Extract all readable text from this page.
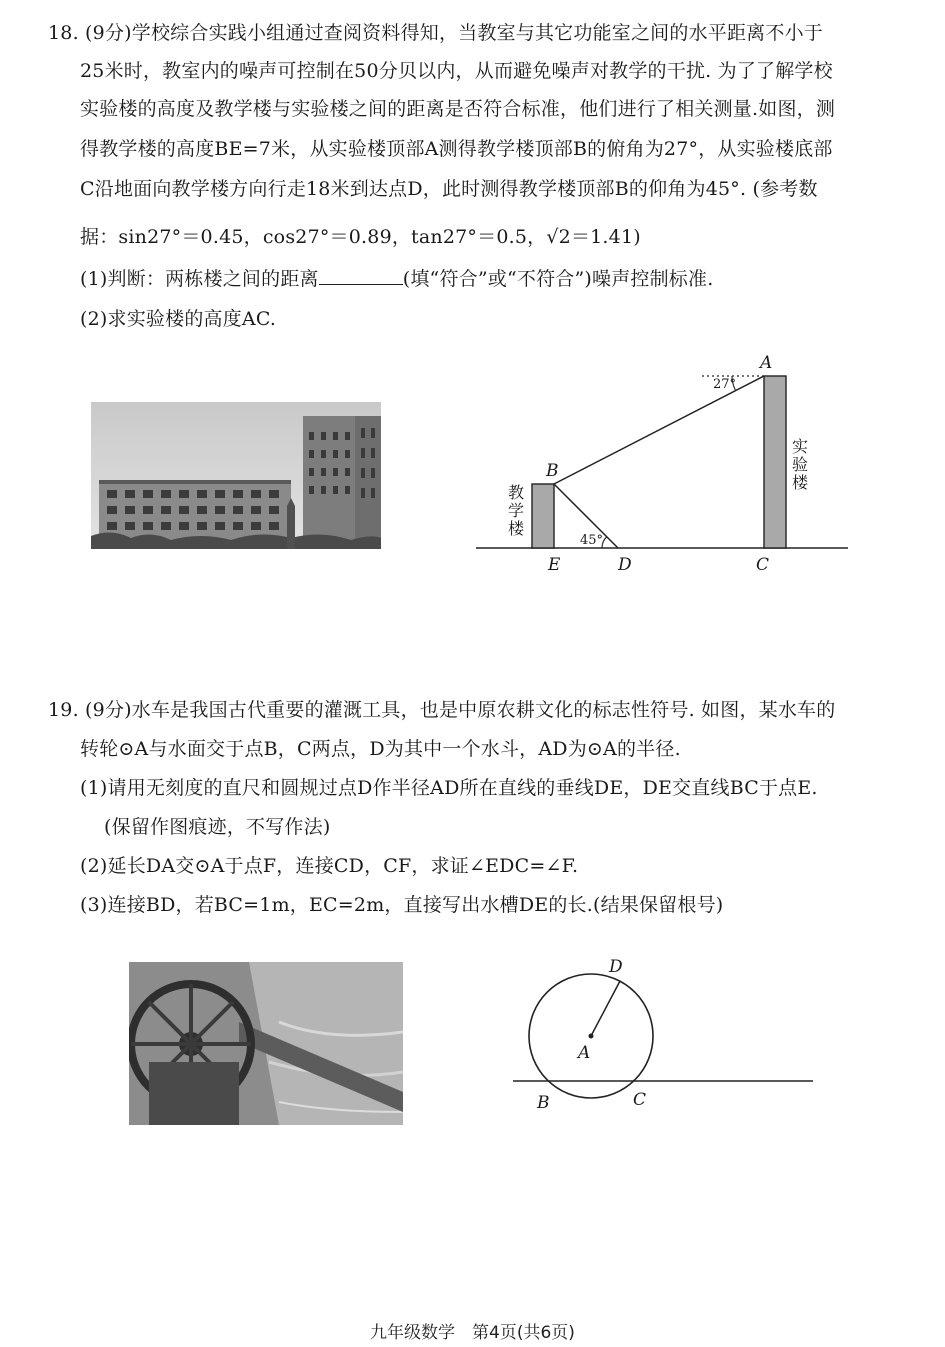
18. (9分)学校综合实践小组通过查阅资料得知，当教室与其它功能室之间的水平距离不小于
25米时，教室内的噪声可控制在50分贝以内，从而避免噪声对教学的干扰. 为了了解学校
实验楼的高度及教学楼与实验楼之间的距离是否符合标准，他们进行了相关测量.如图，测
得教学楼的高度BE=7米，从实验楼顶部A测得教学楼顶部B的俯角为27°，从实验楼底部
C沿地面向教学楼方向行走18米到达点D，此时测得教学楼顶部B的仰角为45°. (参考数
据：sin27°＝0.45，cos27°＝0.89，tan27°＝0.5，√2＝1.41)
(1)判断：两栋楼之间的距离	(填“符合”或“不符合”)噪声控制标准.
(2)求实验楼的高度AC.
A
B
C
D
E
27°
45°
教
学
楼
实
验
楼
19. (9分)水车是我国古代重要的灌溉工具，也是中原农耕文化的标志性符号. 如图，某水车的
转轮⊙A与水面交于点B，C两点，D为其中一个水斗，AD为⊙A的半径.
(1)请用无刻度的直尺和圆规过点D作半径AD所在直线的垂线DE，DE交直线BC于点E.
(保留作图痕迹，不写作法)
(2)延长DA交⊙A于点F，连接CD，CF，求证∠EDC=∠F.
(3)连接BD，若BC=1m，EC=2m，直接写出水槽DE的长.(结果保留根号)
D
A
B	C
九年级数学　第4页(共6页)
